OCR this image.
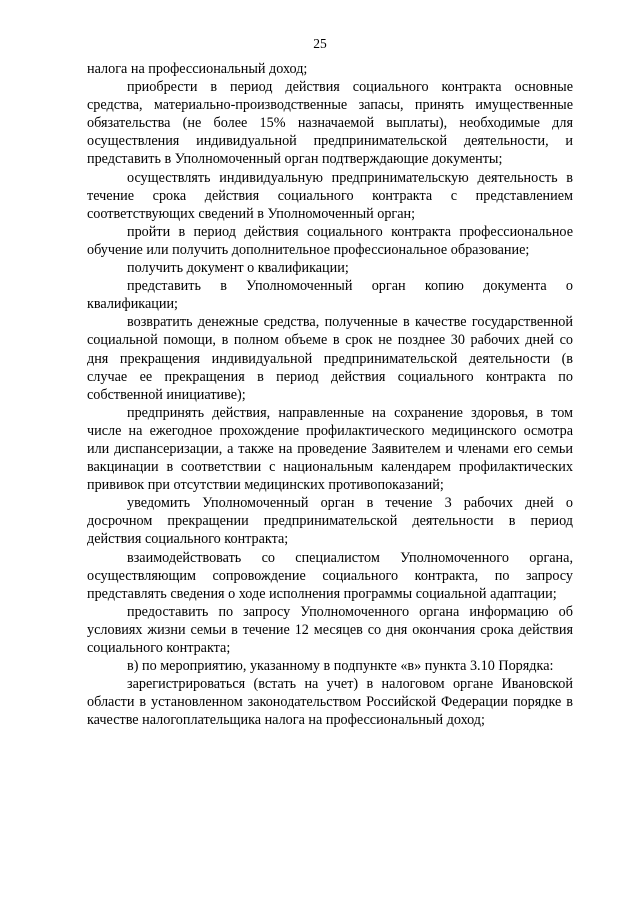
25

налога на профессиональный доход;

приобрести в период действия социального контракта основные средства, материально-производственные запасы, принять имущественные обязательства (не более 15% назначаемой выплаты), необходимые для осуществления индивидуальной предпринимательской деятельности, и представить в Уполномоченный орган подтверждающие документы;

осуществлять индивидуальную предпринимательскую деятельность в течение срока действия социального контракта с представлением соответствующих сведений в Уполномоченный орган;

пройти в период действия социального контракта профессиональное обучение или получить дополнительное профессиональное образование;

получить документ о квалификации;

представить в Уполномоченный орган копию документа о квалификации;

возвратить денежные средства, полученные в качестве государственной социальной помощи, в полном объеме в срок не позднее 30 рабочих дней со дня прекращения индивидуальной предпринимательской деятельности (в случае ее прекращения в период действия социального контракта по собственной инициативе);

предпринять действия, направленные на сохранение здоровья, в том числе на ежегодное прохождение профилактического медицинского осмотра или диспансеризации, а также на проведение Заявителем и членами его семьи вакцинации в соответствии с национальным календарем профилактических прививок при отсутствии медицинских противопоказаний;

уведомить Уполномоченный орган в течение 3 рабочих дней о досрочном прекращении предпринимательской деятельности в период действия социального контракта;

взаимодействовать со специалистом Уполномоченного органа, осуществляющим сопровождение социального контракта, по запросу представлять сведения о ходе исполнения программы социальной адаптации;

предоставить по запросу Уполномоченного органа информацию об условиях жизни семьи в течение 12 месяцев со дня окончания срока действия социального контракта;

в) по мероприятию, указанному в подпункте «в» пункта 3.10 Порядка:

зарегистрироваться (встать на учет) в налоговом органе Ивановской области в установленном законодательством Российской Федерации порядке в качестве налогоплательщика налога на профессиональный доход;
